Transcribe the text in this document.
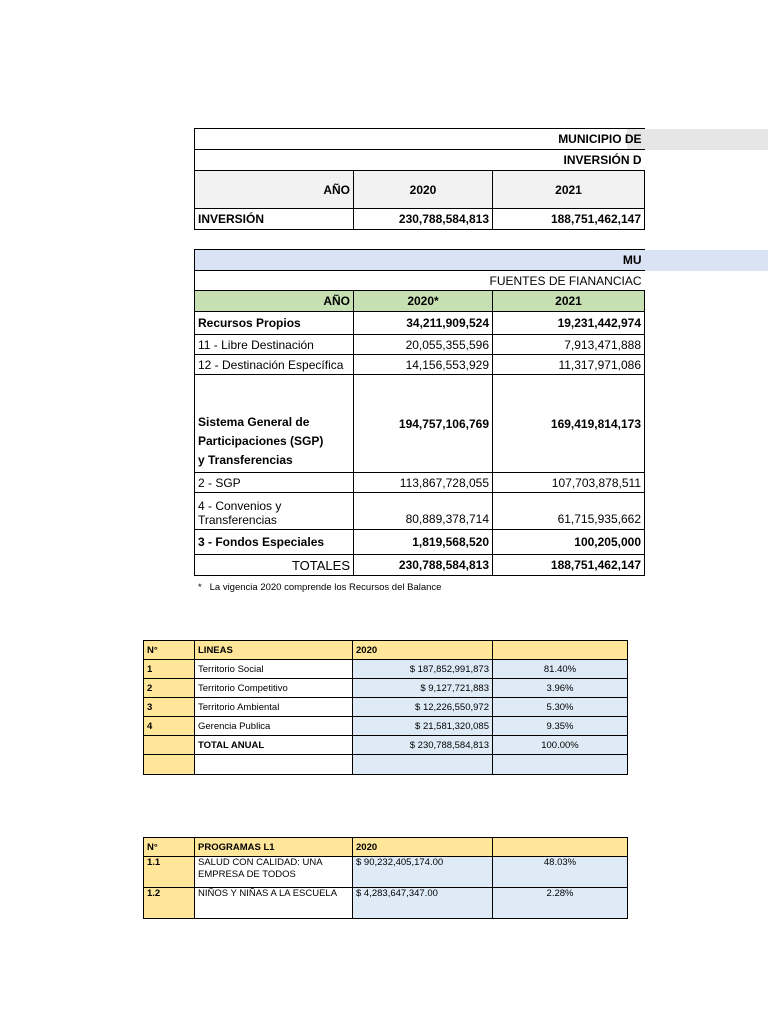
MUNICIPIO DE		
INVERSIÓN D		
AÑO	2020	2021
INVERSIÓN	230,788,584,813	188,751,462,147
MU		
FUENTES DE FIANANCIAC		
AÑO	2020*	2021
Recursos Propios	34,211,909,524	19,231,442,974
11 - Libre Destinación	20,055,355,596	7,913,471,888
12 - Destinación Específica	14,156,553,929	11,317,971,086

Sistema General de
Participaciones (SGP)
y Transferencias	194,757,106,769	169,419,814,173
2 - SGP	113,867,728,055	107,703,878,511

4 - Convenios y
Transferencias	80,889,378,714	61,715,935,662
3 - Fondos Especiales	1,819,568,520	100,205,000
TOTALES	230,788,584,813	188,751,462,147
*   La vigencia 2020 comprende los Recursos del Balance
N°	LINEAS	2020	
1	Territorio Social	$ 187,852,991,873	81.40%
2	Territorio Competitivo	$ 9,127,721,883	3.96%
3	Territorio Ambiental	$ 12,226,550,972	5.30%
4	Gerencia Publica	$ 21,581,320,085	9.35%
	TOTAL ANUAL	$ 230,788,584,813	100.00%

N°	PROGRAMAS L1	2020	
1.1	SALUD CON CALIDAD: UNA
EMPRESA DE TODOS	$ 90,232,405,174.00	48.03%
1.2	NIÑOS Y NIÑAS A LA ESCUELA	$ 4,283,647,347.00	2.28%
